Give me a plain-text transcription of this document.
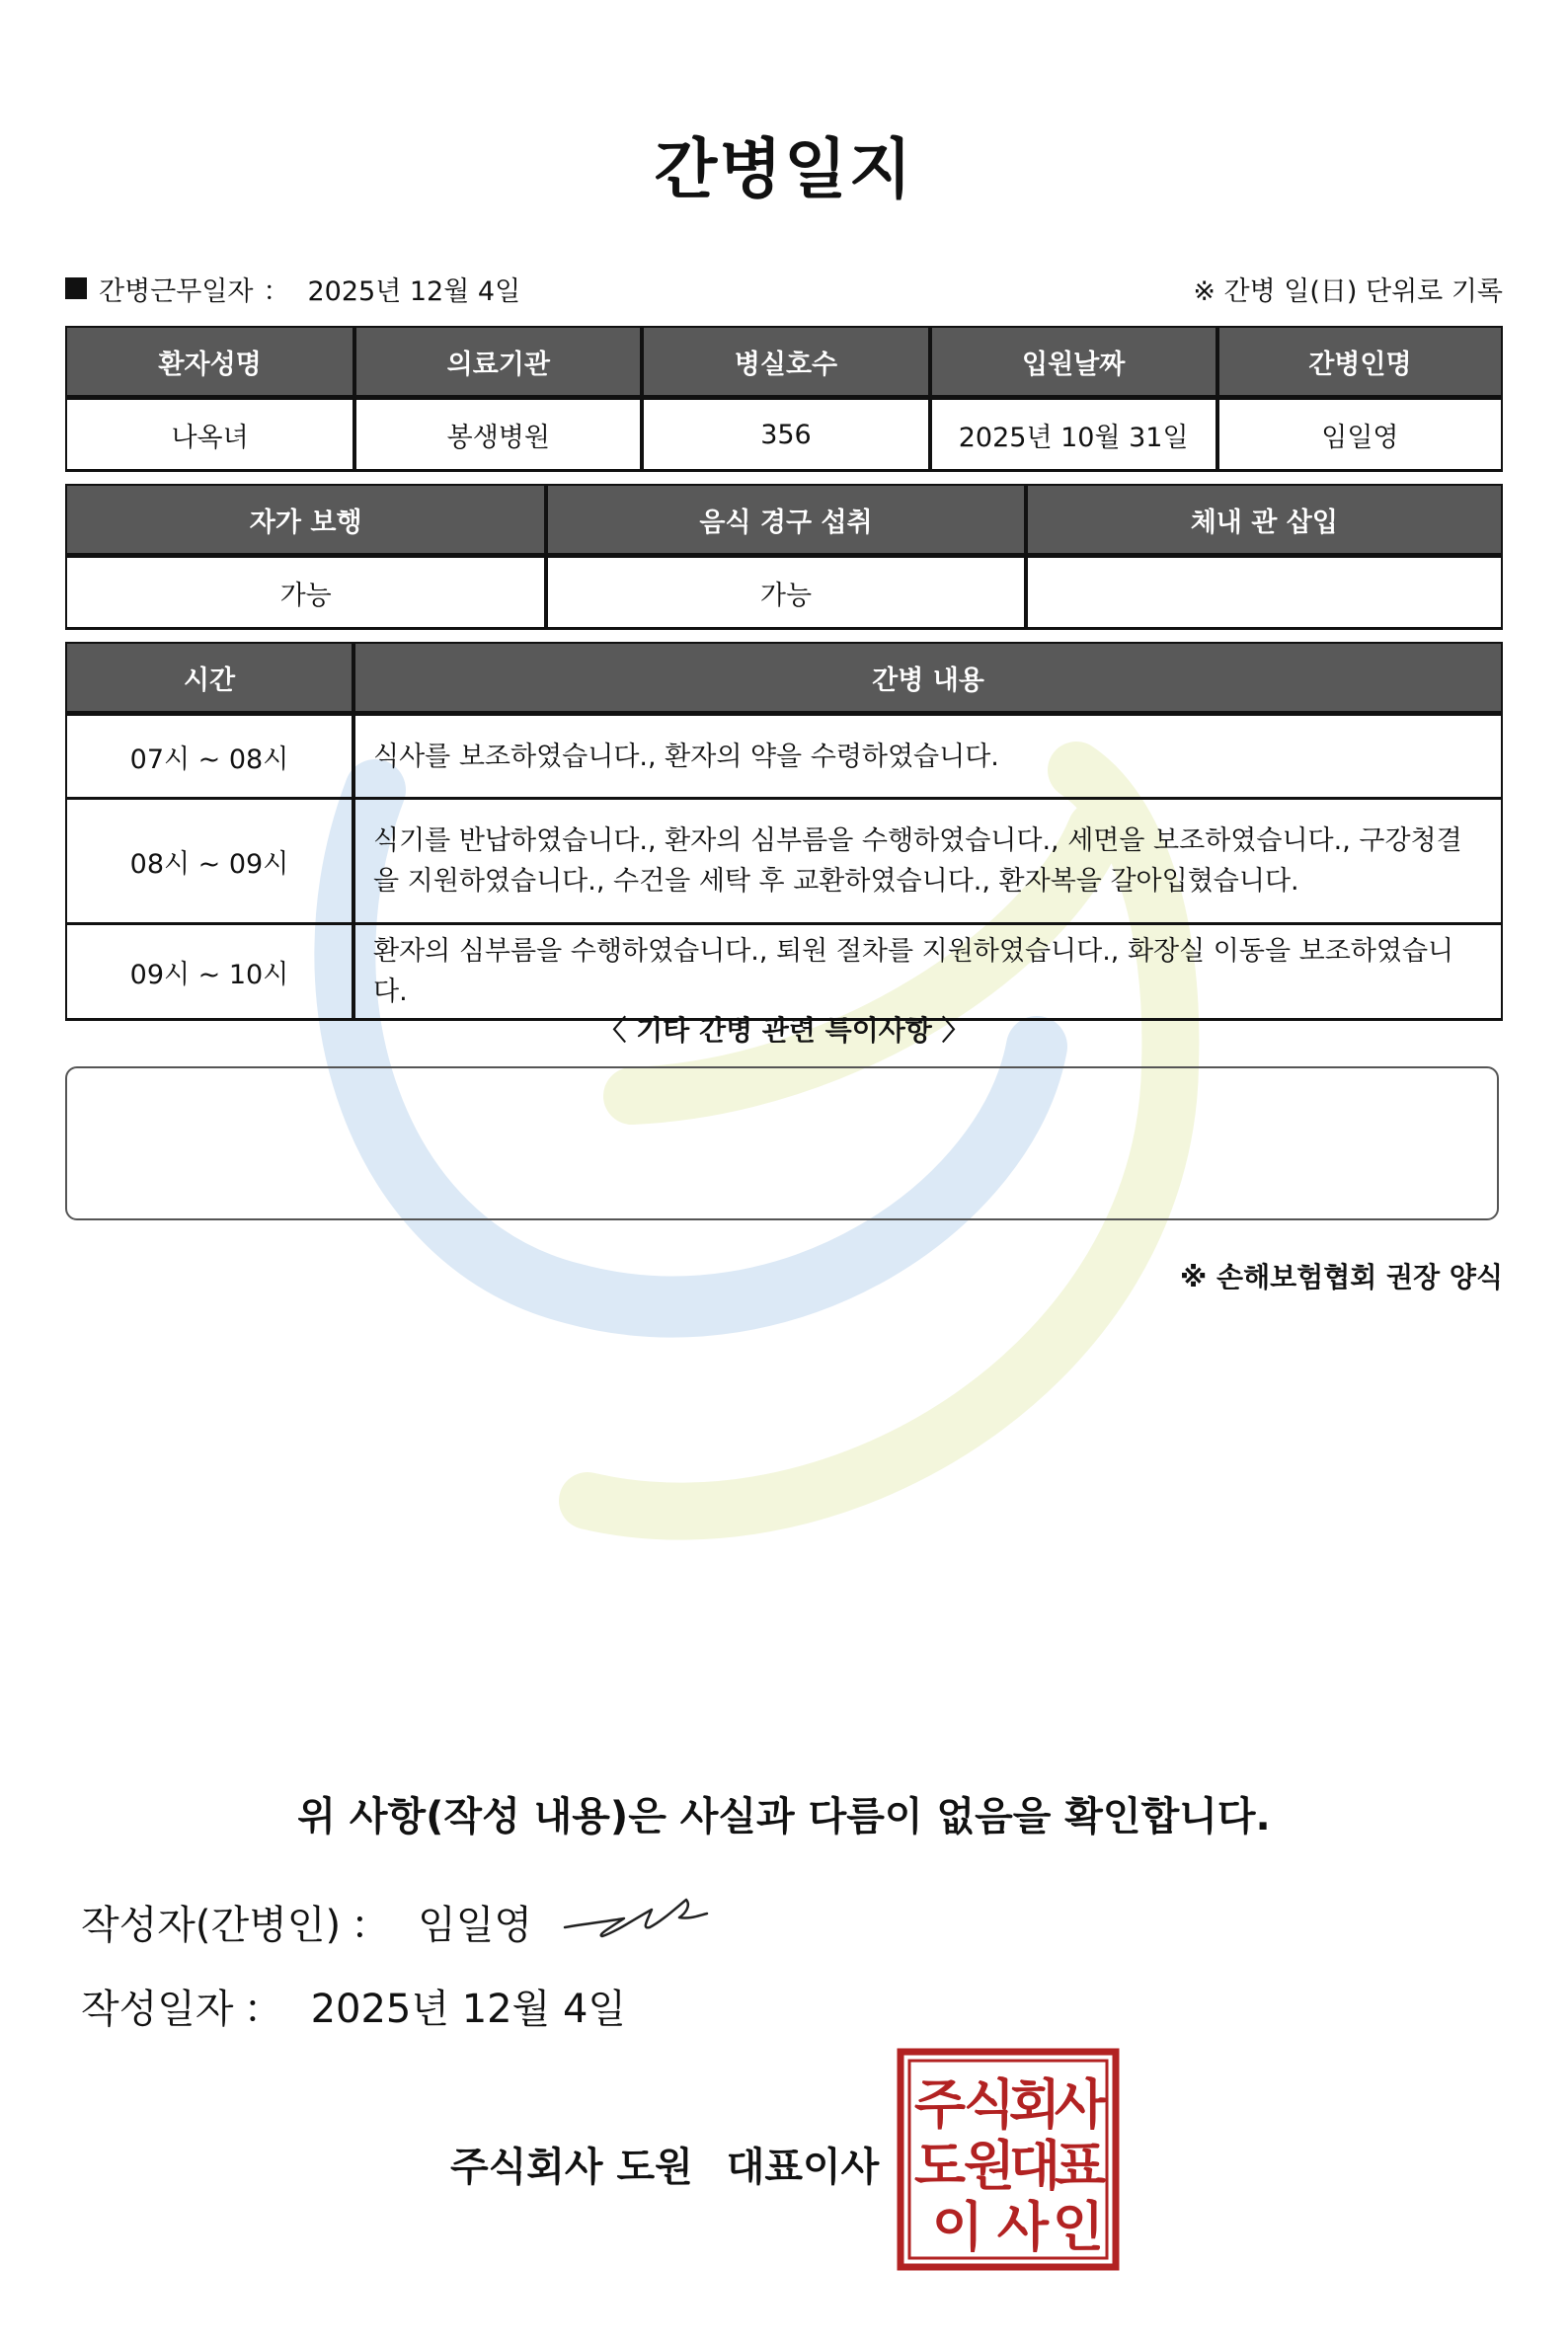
간병일지
간병근무일자 ： 2025년 12월 4일	※ 간병 일(日) 단위로 기록
환자성명	의료기관	병실호수	입원날짜	간병인명
나옥녀	봉생병원	356	2025년 10월 31일	임일영
자가 보행	음식 경구 섭취	체내 관 삽입
가능	가능	
시간	간병 내용
07시 ~ 08시	식사를 보조하였습니다., 환자의 약을 수령하였습니다.
08시 ~ 09시	식기를 반납하였습니다., 환자의 심부름을 수행하였습니다., 세면을 보조하였습니다., 구강청결을 지원하였습니다., 수건을 세탁 후 교환하였습니다., 환자복을 갈아입혔습니다.
09시 ~ 10시	환자의 심부름을 수행하였습니다., 퇴원 절차를 지원하였습니다., 화장실 이동을 보조하였습니다.
〈 기타 간병 관련 특이사항 〉
※ 손해보험협회 권장 양식
위 사항(작성 내용)은 사실과 다름이 없음을 확인합니다.
작성자(간병인) ： 임일영
작성일자 ： 2025년 12월 4일
주식회사 도원 대표이사
주
식
회
사
도
원
대
표
이 사 인
